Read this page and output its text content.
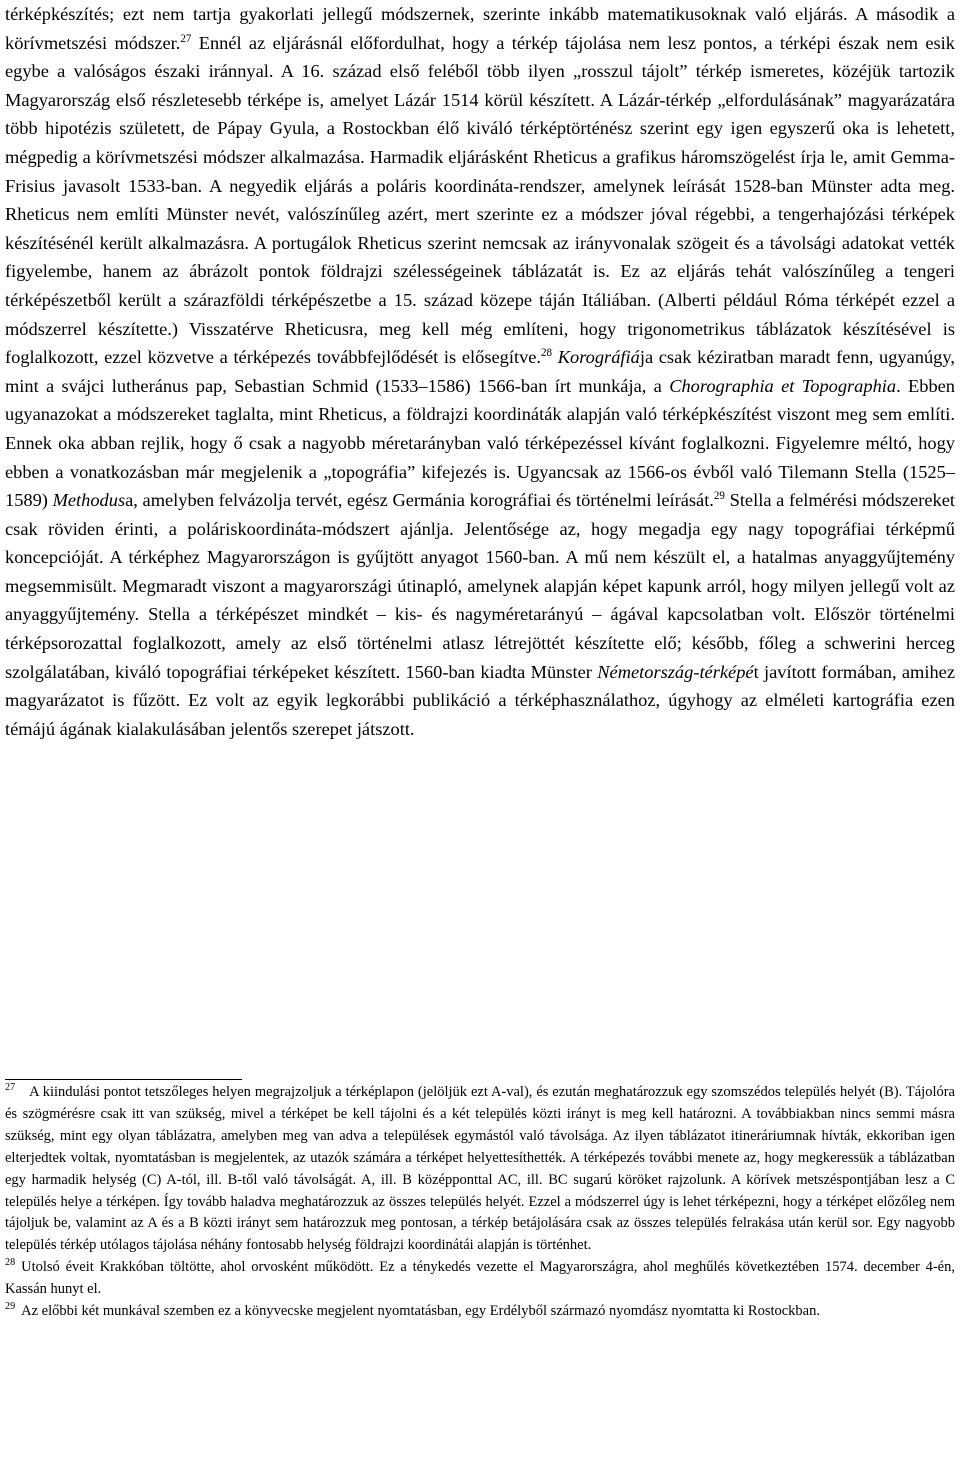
térképkészítés; ezt nem tartja gyakorlati jellegű módszernek, szerinte inkább matematikusoknak való eljárás. A második a körívmetszési módszer.$^{27}$ Ennél az eljárásnál előfordulhat, hogy a térkép tájolása nem lesz pontos, a térképi észak nem esik egybe a valóságos északi iránnyal. A 16. század első feléből több ilyen „rosszul tájolt” térkép ismeretes, közéjük tartozik Magyarország első részletesebb térképe is, amelyet Lázár 1514 körül készített. A Lázár-térkép „elfordulásának” magyarázatára több hipotézis született, de Pápay Gyula, a Rostockban élő kiváló térképtörténész szerint egy igen egyszerű oka is lehetett, mégpedig a körívmetszési módszer alkalmazása. Harmadik eljárásként Rheticus a grafikus háromszögelést írja le, amit Gemma-Frisius javasolt 1533-ban. A negyedik eljárás a poláris koordináta-rendszer, amelynek leírását 1528-ban Münster adta meg. Rheticus nem említi Münster nevét, valószínűleg azért, mert szerinte ez a módszer jóval régebbi, a tengerhajózási térképek készítésénél került alkalmazásra. A portugálok Rheticus szerint nemcsak az irányvonalak szögeit és a távolsági adatokat vették figyelembe, hanem az ábrázolt pontok földrajzi szélességeinek táblázatát is. Ez az eljárás tehát valószínűleg a tengeri térképészetből került a szárazföldi térképészetbe a 15. század közepe táján Itáliában. (Alberti például Róma térképét ezzel a módszerrel készítette.) Visszatérve Rheticusra, meg kell még említeni, hogy trigonometrikus táblázatok készítésével is foglalkozott, ezzel közvetve a térképezés továbbfejlődését is elősegítve.$^{28}$ Korográfiája csak kéziratban maradt fenn, ugyanúgy, mint a svájci lutheránus pap, Sebastian Schmid (1533–1586) 1566-ban írt munkája, a Chorographia et Topographia. Ebben ugyanazokat a módszereket taglalta, mint Rheticus, a földrajzi koordináták alapján való térképkészítést viszont meg sem említi. Ennek oka abban rejlik, hogy ő csak a nagyobb méretarányban való térképezéssel kívánt foglalkozni. Figyelemre méltó, hogy ebben a vonatkozásban már megjelenik a „topográfia” kifejezés is. Ugyancsak az 1566-os évből való Tilemann Stella (1525–1589) Methodusa, amelyben felvázolja tervét, egész Germánia korográfiai és történelmi leírását.$^{29}$ Stella a felmérési módszereket csak röviden érinti, a poláriskoordináta-módszert ajánlja. Jelentősége az, hogy megadja egy nagy topográfiai térképmű koncepcióját. A térképhez Magyarországon is gyűjtött anyagot 1560-ban. A mű nem készült el, a hatalmas anyaggyűjtemény megsemmisült. Megmaradt viszont a magyarországi útinapló, amelynek alapján képet kapunk arról, hogy milyen jellegű volt az anyaggyűjtemény. Stella a térképészet mindkét – kis- és nagyméretarányú – ágával kapcsolatban volt. Először történelmi térképsorozattal foglalkozott, amely az első történelmi atlasz létrejöttét készítette elő; később, főleg a schwerini herceg szolgálatában, kiváló topográfiai térképeket készített. 1560-ban kiadta Münster Németország-térképét javított formában, amihez magyarázatot is fűzött. Ez volt az egyik legkorábbi publikáció a térképhasználathoz, úgyhogy az elméleti kartográfia ezen témájú ágának kialakulásában jelentős szerepet játszott.

$^{27}$ A kiindulási pontot tetszőleges helyen megrajzoljuk a térképlapon (jelöljük ezt A-val), és ezután meghatározzuk egy szomszédos település helyét (B). Tájolóra és szögmérésre csak itt van szükség, mivel a térképet be kell tájolni és a két település közti irányt is meg kell határozni. A továbbiakban nincs semmi másra szükség, mint egy olyan táblázatra, amelyben meg van adva a települések egymástól való távolsága. Az ilyen táblázatot itineráriumnak hívták, ekkoriban igen elterjedtek voltak, nyomtatásban is megjelentek, az utazók számára a térképet helyettesíthették. A térképezés további menete az, hogy megkeressük a táblázatban egy harmadik helység (C) A-tól, ill. B-től való távolságát. A, ill. B középponttal AC, ill. BC sugarú köröket rajzolunk. A körívek metszéspontjában lesz a C település helye a térképen. Így tovább haladva meghatározzuk az összes település helyét. Ezzel a módszerrel úgy is lehet térképezni, hogy a térképet előzőleg nem tájoljuk be, valamint az A és a B közti irányt sem határozzuk meg pontosan, a térkép betájolására csak az összes település felrakása után kerül sor. Egy nagyobb település térkép utólagos tájolása néhány fontosabb helység földrajzi koordinátái alapján is történhet.

$^{28}$ Utolsó éveit Krakkóban töltötte, ahol orvosként működött. Ez a ténykedés vezette el Magyarországra, ahol meghűlés következtében 1574. december 4-én, Kassán hunyt el.

$^{29}$ Az előbbi két munkával szemben ez a könyvecske megjelent nyomtatásban, egy Erdélyből származó nyomdász nyomtatta ki Rostockban.
